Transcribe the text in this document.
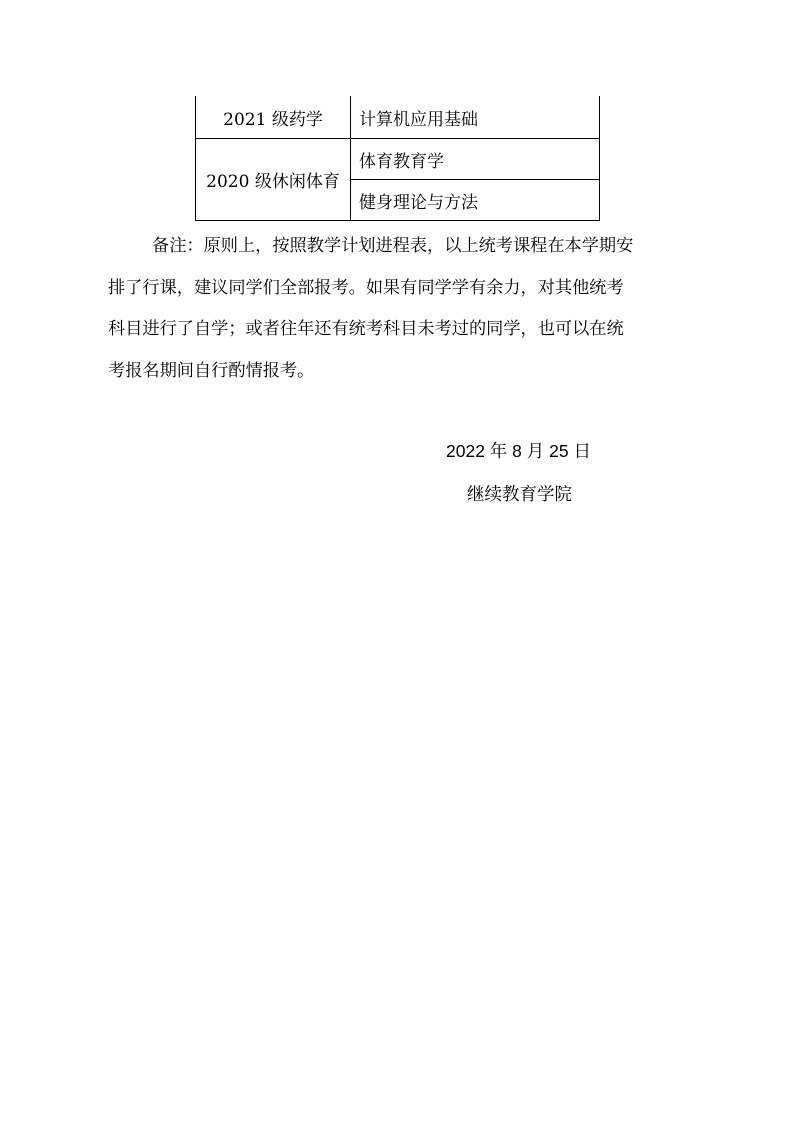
2021 级药学	计算机应用基础
2020 级休闲体育	体育教育学
	健身理论与方法
备注：原则上，按照教学计划进程表，以上统考课程在本学期安
排了行课，建议同学们全部报考。如果有同学学有余力，对其他统考
科目进行了自学；或者往年还有统考科目未考过的同学，也可以在统
考报名期间自行酌情报考。
2022 年 8 月 25 日
继续教育学院
